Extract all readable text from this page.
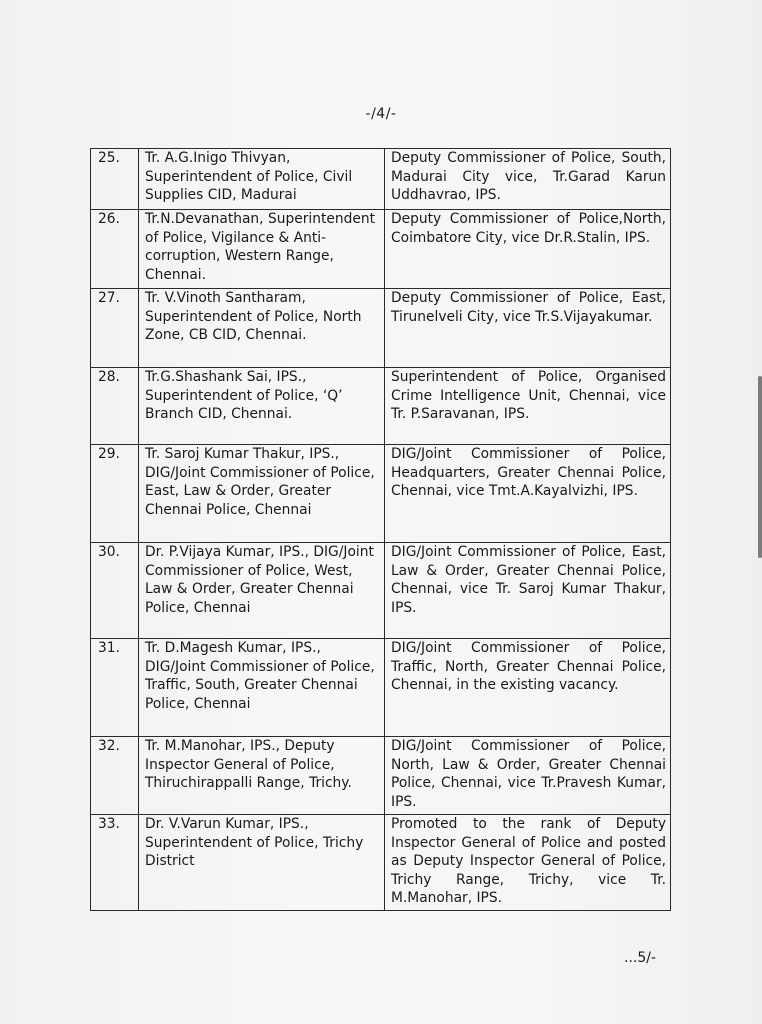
-/4/-
25.	Tr. A.G.Inigo Thivyan, Superintendent of Police, Civil Supplies CID, Madurai	Deputy Commissioner of Police, South, Madurai City vice, Tr.Garad Karun Uddhavrao, IPS.
26.	Tr.N.Devanathan, Superintendent of Police, Vigilance & Anti- corruption, Western Range, Chennai.	Deputy Commissioner of Police,North, Coimbatore City, vice Dr.R.Stalin, IPS.
27.	Tr. V.Vinoth Santharam, Superintendent of Police, North Zone, CB CID, Chennai.	Deputy Commissioner of Police, East, Tirunelveli City, vice Tr.S.Vijayakumar.
28.	Tr.G.Shashank Sai, IPS., Superintendent of Police, ‘Q’ Branch CID, Chennai.	Superintendent of Police, Organised Crime Intelligence Unit, Chennai, vice Tr. P.Saravanan, IPS.
29.	Tr. Saroj Kumar Thakur, IPS., DIG/Joint Commissioner of Police, East, Law & Order, Greater Chennai Police, Chennai	DIG/Joint Commissioner of Police, Headquarters, Greater Chennai Police, Chennai, vice Tmt.A.Kayalvizhi, IPS.
30.	Dr. P.Vijaya Kumar, IPS., DIG/Joint Commissioner of Police, West, Law & Order, Greater Chennai Police, Chennai	DIG/Joint Commissioner of Police, East, Law & Order, Greater Chennai Police, Chennai, vice Tr. Saroj Kumar Thakur, IPS.
31.	Tr. D.Magesh Kumar, IPS., DIG/Joint Commissioner of Police, Traffic, South, Greater Chennai Police, Chennai	DIG/Joint Commissioner of Police, Traffic, North, Greater Chennai Police, Chennai, in the existing vacancy.
32.	Tr. M.Manohar, IPS., Deputy Inspector General of Police, Thiruchirappalli Range, Trichy.	DIG/Joint Commissioner of Police, North, Law & Order, Greater Chennai Police, Chennai, vice Tr.Pravesh Kumar, IPS.
33.	Dr. V.Varun Kumar, IPS., Superintendent of Police, Trichy District	Promoted to the rank of Deputy Inspector General of Police and posted as Deputy Inspector General of Police, Trichy Range, Trichy, vice Tr. M.Manohar, IPS.
...5/-
